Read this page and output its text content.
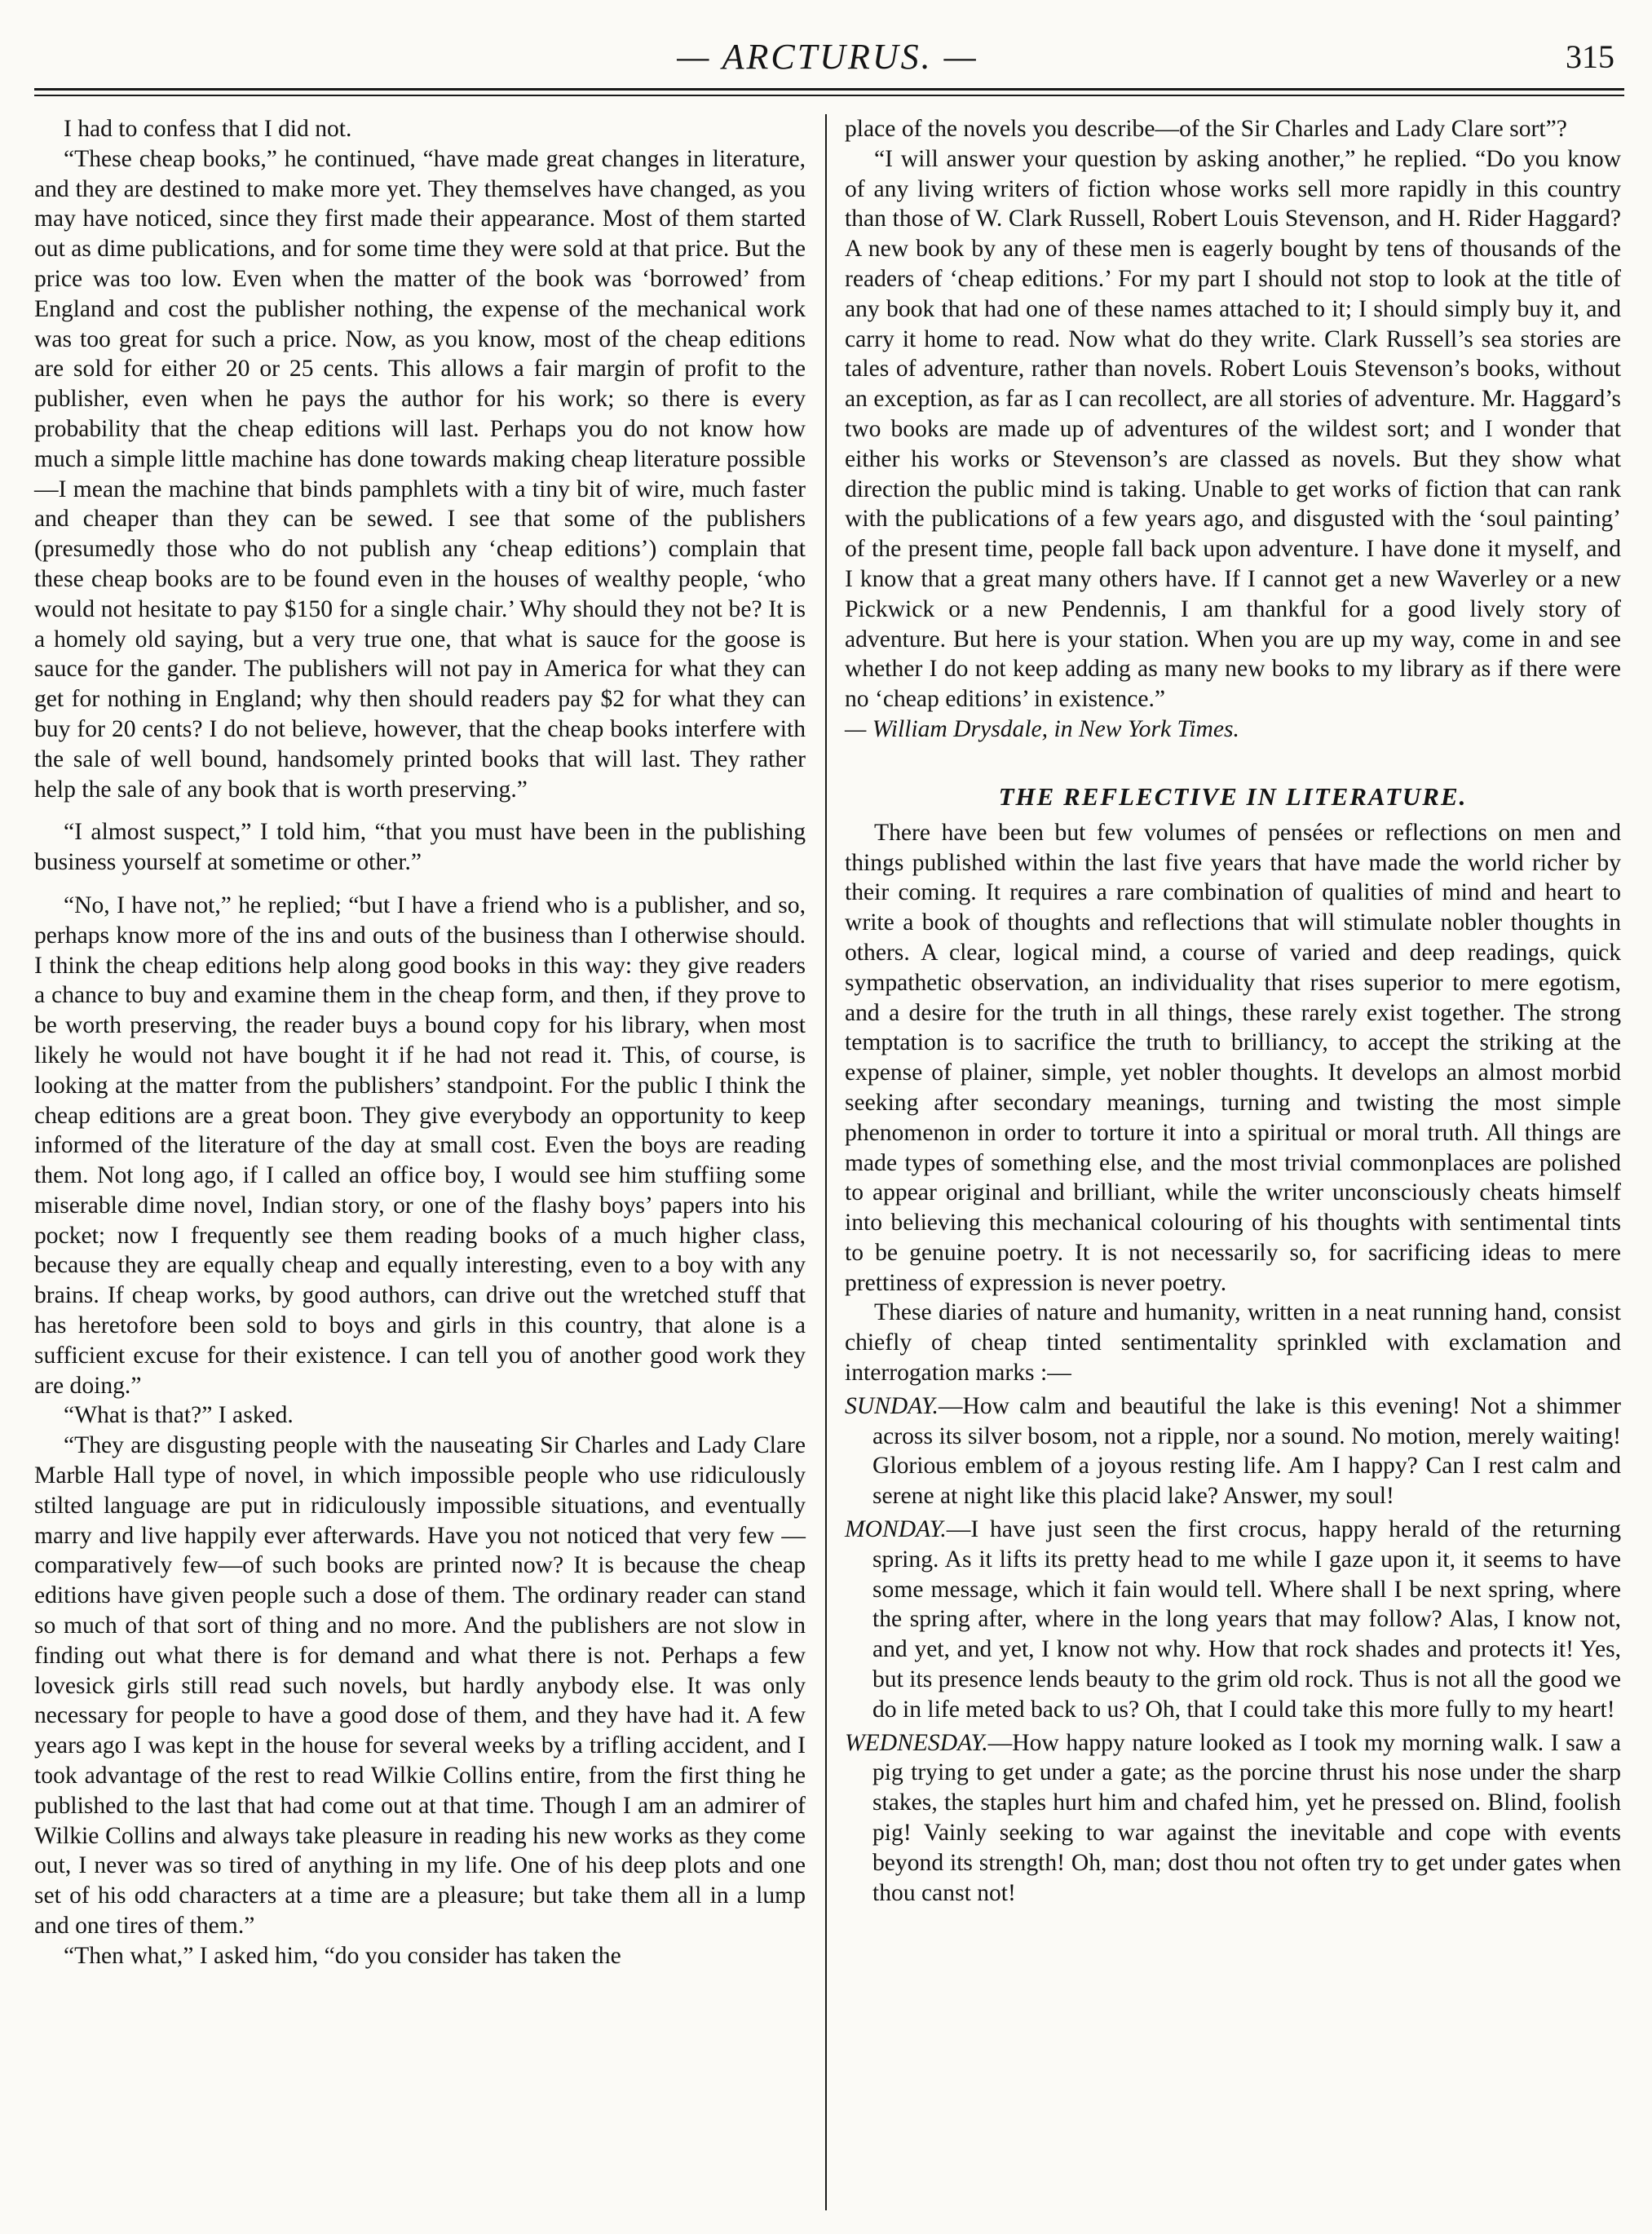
— ARCTURUS. —	315

I had to confess that I did not.

“These cheap books,” he continued, “have made great changes in literature, and they are destined to make more yet. They themselves have changed, as you may have noticed, since they first made their appearance. Most of them started out as dime publications, and for some time they were sold at that price. But the price was too low. Even when the matter of the book was ‘borrowed’ from England and cost the publisher nothing, the expense of the mechanical work was too great for such a price. Now, as you know, most of the cheap editions are sold for either 20 or 25 cents. This allows a fair margin of profit to the publisher, even when he pays the author for his work; so there is every probability that the cheap editions will last. Perhaps you do not know how much a simple little machine has done towards making cheap literature possible—I mean the machine that binds pamphlets with a tiny bit of wire, much faster and cheaper than they can be sewed. I see that some of the publishers (presumedly those who do not publish any ‘cheap editions’) complain that these cheap books are to be found even in the houses of wealthy people, ‘who would not hesitate to pay $150 for a single chair.’ Why should they not be? It is a homely old saying, but a very true one, that what is sauce for the goose is sauce for the gander. The publishers will not pay in America for what they can get for nothing in England; why then should readers pay $2 for what they can buy for 20 cents? I do not believe, however, that the cheap books interfere with the sale of well bound, handsomely printed books that will last. They rather help the sale of any book that is worth preserving.”

“I almost suspect,” I told him, “that you must have been in the publishing business yourself at sometime or other.”

“No, I have not,” he replied; “but I have a friend who is a publisher, and so, perhaps know more of the ins and outs of the business than I otherwise should. I think the cheap editions help along good books in this way: they give readers a chance to buy and examine them in the cheap form, and then, if they prove to be worth preserving, the reader buys a bound copy for his library, when most likely he would not have bought it if he had not read it. This, of course, is looking at the matter from the publishers’ standpoint. For the public I think the cheap editions are a great boon. They give everybody an opportunity to keep informed of the literature of the day at small cost. Even the boys are reading them. Not long ago, if I called an office boy, I would see him stuffiing some miserable dime novel, Indian story, or one of the flashy boys’ papers into his pocket; now I frequently see them reading books of a much higher class, because they are equally cheap and equally interesting, even to a boy with any brains. If cheap works, by good authors, can drive out the wretched stuff that has heretofore been sold to boys and girls in this country, that alone is a sufficient excuse for their existence. I can tell you of another good work they are doing.”

“What is that?” I asked.

“They are disgusting people with the nauseating Sir Charles and Lady Clare Marble Hall type of novel, in which impossible people who use ridiculously stilted language are put in ridiculously impossible situations, and eventually marry and live happily ever afterwards. Have you not noticed that very few —comparatively few—of such books are printed now? It is because the cheap editions have given people such a dose of them. The ordinary reader can stand so much of that sort of thing and no more. And the publishers are not slow in finding out what there is for demand and what there is not. Perhaps a few lovesick girls still read such novels, but hardly anybody else. It was only necessary for people to have a good dose of them, and they have had it. A few years ago I was kept in the house for several weeks by a trifling accident, and I took advantage of the rest to read Wilkie Collins entire, from the first thing he published to the last that had come out at that time. Though I am an admirer of Wilkie Collins and always take pleasure in reading his new works as they come out, I never was so tired of anything in my life. One of his deep plots and one set of his odd characters at a time are a pleasure; but take them all in a lump and one tires of them.”

“Then what,” I asked him, “do you consider has taken the

place of the novels you describe—of the Sir Charles and Lady Clare sort”?

“I will answer your question by asking another,” he replied. “Do you know of any living writers of fiction whose works sell more rapidly in this country than those of W. Clark Russell, Robert Louis Stevenson, and H. Rider Haggard? A new book by any of these men is eagerly bought by tens of thousands of the readers of ‘cheap editions.’ For my part I should not stop to look at the title of any book that had one of these names attached to it; I should simply buy it, and carry it home to read. Now what do they write. Clark Russell’s sea stories are tales of adventure, rather than novels. Robert Louis Stevenson’s books, without an exception, as far as I can recollect, are all stories of adventure. Mr. Haggard’s two books are made up of adventures of the wildest sort; and I wonder that either his works or Stevenson’s are classed as novels. But they show what direction the public mind is taking. Unable to get works of fiction that can rank with the publications of a few years ago, and disgusted with the ‘soul painting’ of the present time, people fall back upon adventure. I have done it myself, and I know that a great many others have. If I cannot get a new Waverley or a new Pickwick or a new Pendennis, I am thankful for a good lively story of adventure. But here is your station. When you are up my way, come in and see whether I do not keep adding as many new books to my library as if there were no ‘cheap editions’ in existence.”

— William Drysdale, in New York Times.

THE REFLECTIVE IN LITERATURE.

There have been but few volumes of pensées or reflections on men and things published within the last five years that have made the world richer by their coming. It requires a rare combination of qualities of mind and heart to write a book of thoughts and reflections that will stimulate nobler thoughts in others. A clear, logical mind, a course of varied and deep readings, quick sympathetic observation, an individuality that rises superior to mere egotism, and a desire for the truth in all things, these rarely exist together. The strong temptation is to sacrifice the truth to brilliancy, to accept the striking at the expense of plainer, simple, yet nobler thoughts. It develops an almost morbid seeking after secondary meanings, turning and twisting the most simple phenomenon in order to torture it into a spiritual or moral truth. All things are made types of something else, and the most trivial commonplaces are polished to appear original and brilliant, while the writer unconsciously cheats himself into believing this mechanical colouring of his thoughts with sentimental tints to be genuine poetry. It is not necessarily so, for sacrificing ideas to mere prettiness of expression is never poetry.

These diaries of nature and humanity, written in a neat running hand, consist chiefly of cheap tinted sentimentality sprinkled with exclamation and interrogation marks :—

SUNDAY.—How calm and beautiful the lake is this evening! Not a shimmer across its silver bosom, not a ripple, nor a sound. No motion, merely waiting! Glorious emblem of a joyous resting life. Am I happy? Can I rest calm and serene at night like this placid lake? Answer, my soul!

MONDAY.—I have just seen the first crocus, happy herald of the returning spring. As it lifts its pretty head to me while I gaze upon it, it seems to have some message, which it fain would tell. Where shall I be next spring, where the spring after, where in the long years that may follow? Alas, I know not, and yet, and yet, I know not why. How that rock shades and protects it! Yes, but its presence lends beauty to the grim old rock. Thus is not all the good we do in life meted back to us? Oh, that I could take this more fully to my heart!

WEDNESDAY.—How happy nature looked as I took my morning walk. I saw a pig trying to get under a gate; as the porcine thrust his nose under the sharp stakes, the staples hurt him and chafed him, yet he pressed on. Blind, foolish pig! Vainly seeking to war against the inevitable and cope with events beyond its strength! Oh, man; dost thou not often try to get under gates when thou canst not!
